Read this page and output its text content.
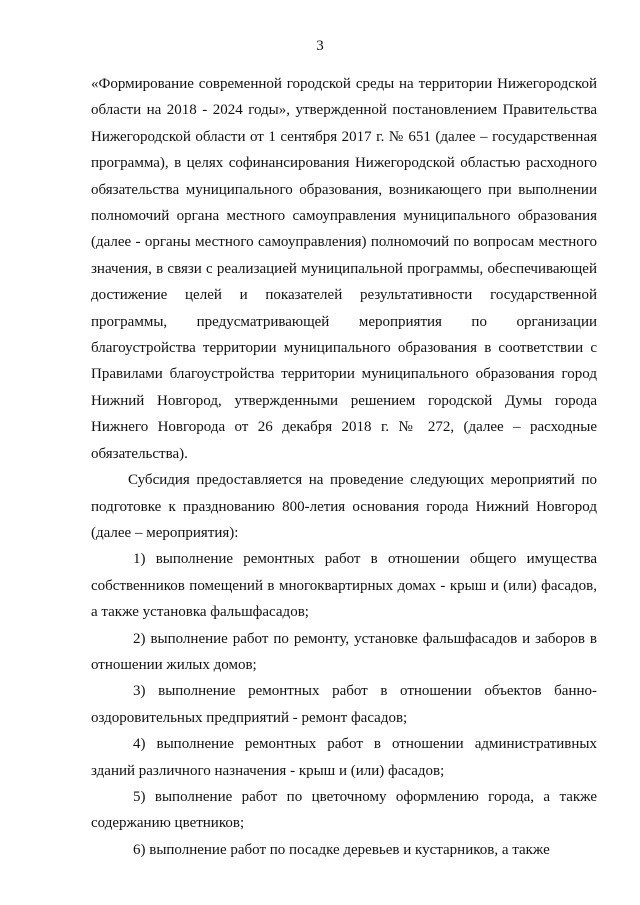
3

«Формирование современной городской среды на территории Нижегородской области на 2018 - 2024 годы», утвержденной постановлением Правительства Нижегородской области от 1 сентября 2017 г. № 651 (далее – государственная программа), в целях софинансирования Нижегородской областью расходного обязательства муниципального образования, возникающего при выполнении полномочий органа местного самоуправления муниципального образования (далее - органы местного самоуправления) полномочий по вопросам местного значения, в связи с реализацией муниципальной программы, обеспечивающей достижение целей и показателей результативности государственной программы, предусматривающей мероприятия по организации благоустройства территории муниципального образования в соответствии с Правилами благоустройства территории муниципального образования город Нижний Новгород, утвержденными решением городской Думы города Нижнего Новгорода от 26 декабря 2018 г. № 272, (далее – расходные обязательства).

Субсидия предоставляется на проведение следующих мероприятий по подготовке к празднованию 800-летия основания города Нижний Новгород (далее – мероприятия):

1) выполнение ремонтных работ в отношении общего имущества собственников помещений в многоквартирных домах - крыш и (или) фасадов, а также установка фальшфасадов;

2) выполнение работ по ремонту, установке фальшфасадов и заборов в отношении жилых домов;

3) выполнение ремонтных работ в отношении объектов банно-оздоровительных предприятий - ремонт фасадов;

4) выполнение ремонтных работ в отношении административных зданий различного назначения - крыш и (или) фасадов;

5) выполнение работ по цветочному оформлению города, а также содержанию цветников;

6) выполнение работ по посадке деревьев и кустарников, а также
